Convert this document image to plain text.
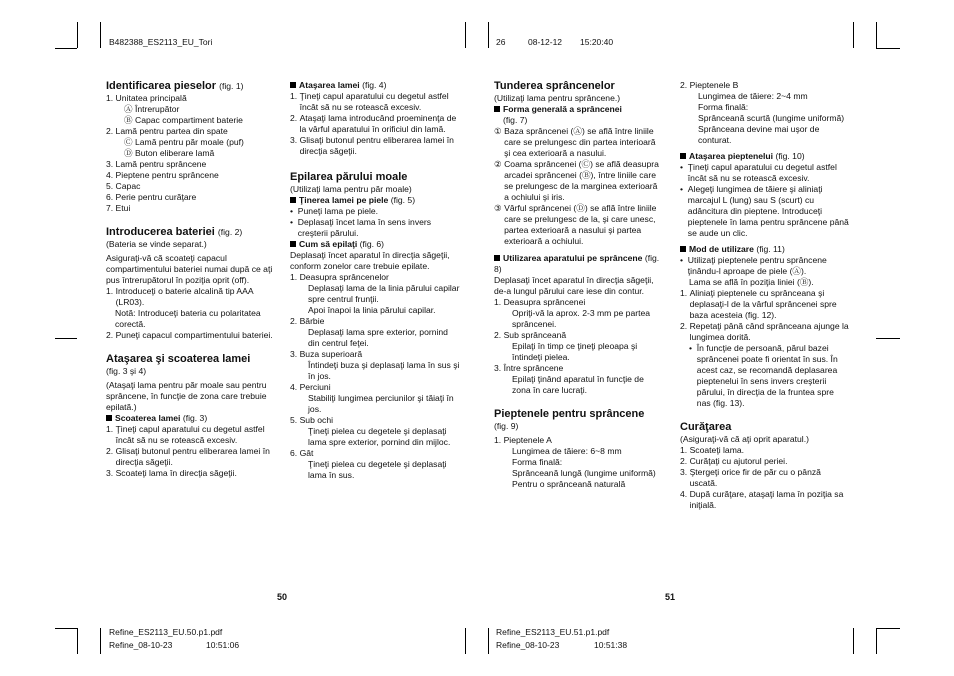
B482388_ES2113_EU_Tori	26	08-12-12 15:20:40
Refine_ES2113_EU.50.p1.pdf
Refine_08-10-23	10:51:06
Refine_ES2113_EU.51.p1.pdf
Refine_08-10-23	10:51:38
50	51
Identificarea pieselor (fig. 1)

1. Unitatea principală

Ⓐ Întrerupător

Ⓑ Capac compartiment baterie

2. Lamă pentru partea din spate

Ⓒ Lamă pentru păr moale (puf)

Ⓓ Buton eliberare lamă

3. Lamă pentru sprâncene

4. Pieptene pentru sprâncene

5. Capac

6. Perie pentru curăţare

7. Etui

Introducerea bateriei (fig. 2)

(Bateria se vinde separat.)

Asiguraţi-vă că scoateţi capacul compartimentului bateriei numai după ce aţi pus întrerupătorul în poziţia oprit (off).

1. Introduceţi o baterie alcalină tip AAA (LR03).

Notă: Introduceţi bateria cu polaritatea corectă.

2. Puneţi capacul compartimentului bateriei.
Ataşarea şi scoaterea lamei

(fig. 3 şi 4)

(Ataşaţi lama pentru păr moale sau pentru sprâncene, în funcţie de zona care trebuie epilată.)

Scoaterea lamei (fig. 3)

1. Ţineţi capul aparatului cu degetul astfel încât să nu se rotească excesiv.
2. Glisaţi butonul pentru eliberarea lamei în direcţia săgeţii.
3. Scoateţi lama în direcţia săgeţii.

Ataşarea lamei (fig. 4)

1. Ţineţi capul aparatului cu degetul astfel încât să nu se rotească excesiv.
2. Ataşaţi lama introducând proeminenţa de la vârful aparatului în orificiul din lamă.
3. Glisaţi butonul pentru eliberarea lamei în direcţia săgeţii.
Epilarea părului moale

(Utilizaţi lama pentru păr moale)

Ţinerea lamei pe piele (fig. 5)

• Puneţi lama pe piele.
• Deplasaţi încet lama în sens invers creşterii părului.

Cum să epilaţi (fig. 6)

Deplasaţi încet aparatul în direcţia săgeţii, conform zonelor care trebuie epilate.

1. Deasupra sprâncenelor

Deplasaţi lama de la linia părului capilar spre centrul frunţii.

Apoi înapoi la linia părului capilar.

2. Bărbie

Deplasaţi lama spre exterior, pornind din centrul feţei.

3. Buza superioară

Întindeţi buza şi deplasaţi lama în sus şi în jos.

4. Perciuni

Stabiliţi lungimea perciunilor şi tăiaţi în jos.

5. Sub ochi

Ţineţi pielea cu degetele şi deplasaţi lama spre exterior, pornind din mijloc.

6. Gât

Ţineţi pielea cu degetele şi deplasaţi lama în sus.

Tunderea sprâncenelor

(Utilizaţi lama pentru sprâncene.)

Forma generală a sprâncenei

(fig. 7)

① Baza sprâncenei (Ⓐ) se află între liniile care se prelungesc din partea interioară şi cea exterioară a nasului.
② Coama sprâncenei (Ⓒ) se află deasupra arcadei sprâncenei (Ⓑ), între liniile care se prelungesc de la marginea exterioară a ochiului şi iris.
③ Vârful sprâncenei (Ⓓ) se află între liniile care se prelungesc de la, şi care unesc, partea exterioară a nasului şi partea exterioară a ochiului.

Utilizarea aparatului pe sprâncene (fig. 8)

Deplasaţi încet aparatul în direcţia săgeţii, de-a lungul părului care iese din contur.

1. Deasupra sprâncenei

Opriţi-vă la aprox. 2-3 mm pe partea sprâncenei.

2. Sub sprânceană

Epilaţi în timp ce ţineţi pleoapa şi întindeţi pielea.

3. Între sprâncene

Epilaţi ţinând aparatul în funcţie de zona în care lucraţi.

Pieptenele pentru sprâncene

(fig. 9)

1. Pieptenele A

Lungimea de tăiere: 6~8 mm

Forma finală:

Sprânceană lungă (lungime uniformă)

Pentru o sprânceană naturală

2. Pieptenele B

Lungimea de tăiere: 2~4 mm

Forma finală:

Sprânceană scurtă (lungime uniformă)

Sprânceana devine mai uşor de conturat.

Ataşarea pieptenelui (fig. 10)

• Ţineţi capul aparatului cu degetul astfel încât să nu se rotească excesiv.
• Alegeţi lungimea de tăiere şi aliniaţi marcajul L (lung) sau S (scurt) cu adâncitura din pieptene. Introduceţi pieptenele în lama pentru sprâncene până se aude un clic.

Mod de utilizare (fig. 11)

• Utilizaţi pieptenele pentru sprâncene ţinându-l aproape de piele (Ⓐ).

Lama se află în poziţia liniei (Ⓑ).

1. Aliniaţi pieptenele cu sprânceana şi deplasaţi-l de la vârful sprâncenei spre baza acesteia (fig. 12).
2. Repetaţi până când sprânceana ajunge la lungimea dorită.
• În funcţie de persoană, părul bazei sprâncenei poate fi orientat în sus. În acest caz, se recomandă deplasarea pieptenelui în sens invers creşterii părului, în direcţia de la fruntea spre nas (fig. 13).
Curăţarea

(Asiguraţi-vă că aţi oprit aparatul.)

1. Scoateţi lama.
2. Curăţaţi cu ajutorul periei.
3. Ştergeţi orice fir de păr cu o pânză uscată.
4. După curăţare, ataşaţi lama în poziţia sa iniţială.
